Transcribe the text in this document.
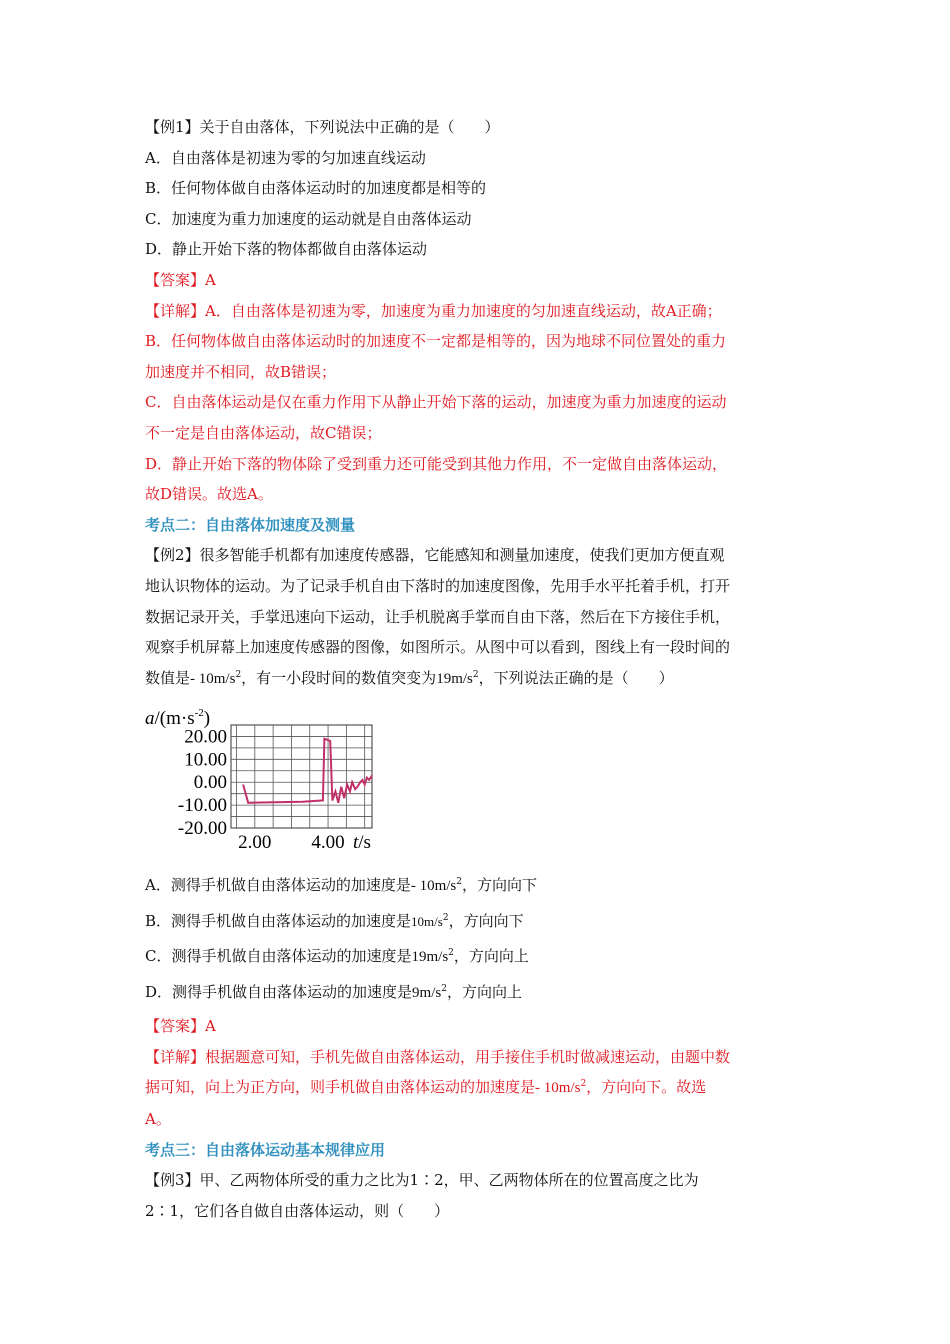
【例1】关于自由落体，下列说法中正确的是（　　）
A．自由落体是初速为零的匀加速直线运动
B．任何物体做自由落体运动时的加速度都是相等的
C．加速度为重力加速度的运动就是自由落体运动
D．静止开始下落的物体都做自由落体运动
【答案】A
【详解】A．自由落体是初速为零，加速度为重力加速度的匀加速直线运动，故A正确；
B．任何物体做自由落体运动时的加速度不一定都是相等的，因为地球不同位置处的重力
加速度并不相同，故B错误；
C．自由落体运动是仅在重力作用下从静止开始下落的运动，加速度为重力加速度的运动
不一定是自由落体运动，故C错误；
D．静止开始下落的物体除了受到重力还可能受到其他力作用，不一定做自由落体运动，
故D错误。故选A。
考点二：自由落体加速度及测量
【例2】很多智能手机都有加速度传感器，它能感知和测量加速度，使我们更加方便直观
地认识物体的运动。为了记录手机自由下落时的加速度图像，先用手水平托着手机，打开
数据记录开关，手掌迅速向下运动，让手机脱离手掌而自由下落，然后在下方接住手机，
观察手机屏幕上加速度传感器的图像，如图所示。从图中可以看到，图线上有一段时间的
数值是- $10m/s^2$，有一小段时间的数值突变为$19m/s^2$，下列说法正确的是（　　）
$a/(m\cdot s^{-2})$
20.00
10.00
0.00
-10.00
-20.00
2.00 4.00 t/s
A．测得手机做自由落体运动的加速度是- $10m/s^2$，方向向下
B．测得手机做自由落体运动的加速度是$10m/s^2$，方向向下
C．测得手机做自由落体运动的加速度是$19m/s^2$，方向向上
D．测得手机做自由落体运动的加速度是$9m/s^2$，方向向上
【答案】A
【详解】根据题意可知，手机先做自由落体运动，用手接住手机时做减速运动，由题中数
据可知，向上为正方向，则手机做自由落体运动的加速度是- $10m/s^2$，方向向下。故选
A。
考点三：自由落体运动基本规律应用
【例3】甲、乙两物体所受的重力之比为1∶2，甲、乙两物体所在的位置高度之比为
2∶1，它们各自做自由落体运动，则（　　）
